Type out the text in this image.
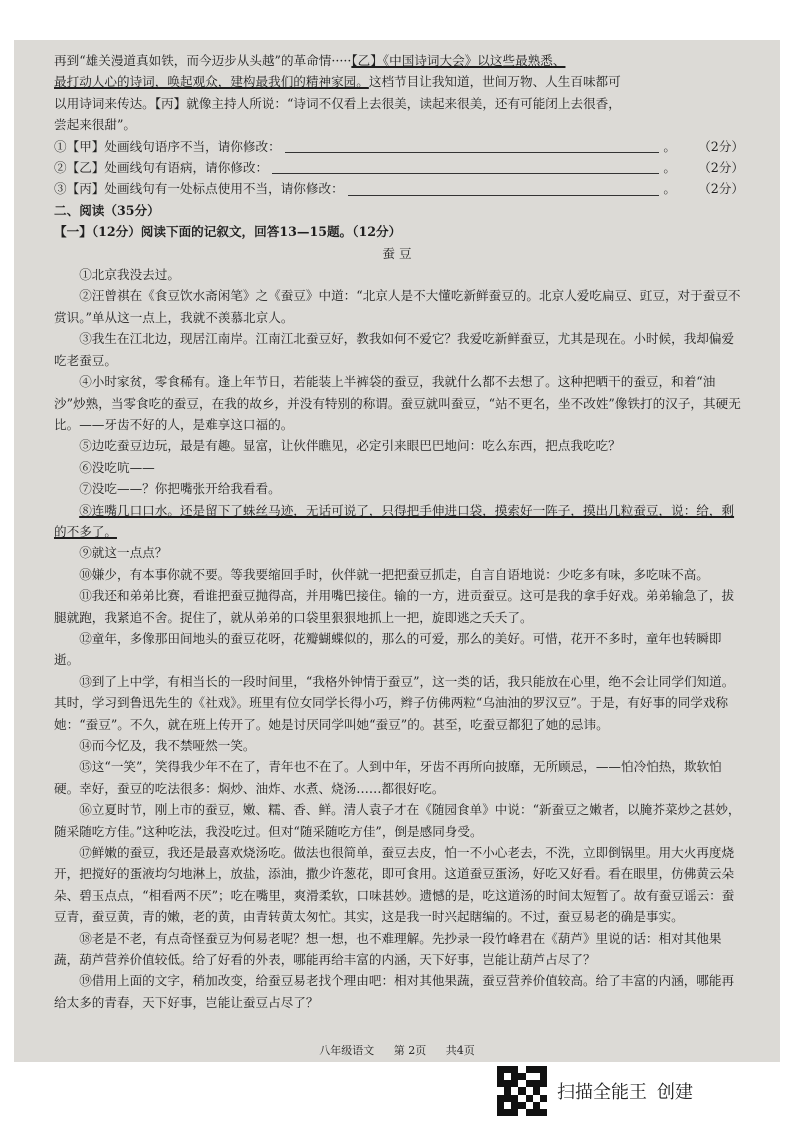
再到“雄关漫道真如铁，而今迈步从头越”的革命情·····【乙】《中国诗词大会》以这些最熟悉、
最打动人心的诗词，唤起观众，建构最我们的精神家园。这档节目让我知道，世间万物、人生百味都可
以用诗词来传达。【丙】就像主持人所说：“诗词不仅看上去很美，读起来很美，还有可能闭上去很香，
尝起来很甜”。
①【甲】处画线句语序不当，请你修改：	。	（2分）
②【乙】处画线句有语病，请你修改：	。	（2分）
③【丙】处画线句有一处标点使用不当，请你修改：	。	（2分）

二、阅读（35分）

【一】（12分）阅读下面的记叙文，回答13—15题。（12分）

蚕豆

①北京我没去过。

②汪曾祺在《食豆饮水斋闲笔》之《蚕豆》中道：“北京人是不大懂吃新鲜蚕豆的。北京人爱吃扁豆、豇豆，对于蚕豆不赏识。”单从这一点上，我就不羡慕北京人。

③我生在江北边，现居江南岸。江南江北蚕豆好，教我如何不爱它？我爱吃新鲜蚕豆，尤其是现在。小时候，我却偏爱吃老蚕豆。

④小时家贫，零食稀有。逢上年节日，若能装上半裤袋的蚕豆，我就什么都不去想了。这种把晒干的蚕豆，和着“油沙”炒熟，当零食吃的蚕豆，在我的故乡，并没有特别的称谓。蚕豆就叫蚕豆，“站不更名，坐不改姓”像铁打的汉子，其硬无比。——牙齿不好的人，是难享这口福的。

⑤边吃蚕豆边玩，最是有趣。显富，让伙伴瞧见，必定引来眼巴巴地问：吃么东西，把点我吃吃？

⑥没吃吭——

⑦没吃——？你把嘴张开给我看看。

⑧连嘴几口口水。还是留下了蛛丝马迹，无话可说了，只得把手伸进口袋，摸索好一阵子，摸出几粒蚕豆，说：给，剩的不多了。

⑨就这一点点？

⑩嫌少，有本事你就不要。等我要缩回手时，伙伴就一把把蚕豆抓走，自言自语地说：少吃多有味，多吃味不高。

⑪我还和弟弟比赛，看谁把蚕豆抛得高，并用嘴巴接住。输的一方，进贡蚕豆。这可是我的拿手好戏。弟弟输急了，拔腿就跑，我紧追不舍。捉住了，就从弟弟的口袋里狠狠地抓上一把，旋即逃之夭夭了。

⑫童年，多像那田间地头的蚕豆花呀，花瓣蝴蝶似的，那么的可爱，那么的美好。可惜，花开不多时，童年也转瞬即逝。

⑬到了上中学，有相当长的一段时间里，“我格外钟情于蚕豆”，这一类的话，我只能放在心里，绝不会让同学们知道。其时，学习到鲁迅先生的《社戏》。班里有位女同学长得小巧，辫子仿佛两粒“乌油油的罗汉豆”。于是，有好事的同学戏称她：“蚕豆”。不久，就在班上传开了。她是讨厌同学叫她“蚕豆”的。甚至，吃蚕豆都犯了她的忌讳。

⑭而今忆及，我不禁哑然一笑。

⑮这“一笑”，笑得我少年不在了，青年也不在了。人到中年，牙齿不再所向披靡，无所顾忌，——怕冷怕热，欺软怕硬。幸好，蚕豆的吃法很多：焖炒、油炸、水煮、烧汤……都很好吃。

⑯立夏时节，刚上市的蚕豆，嫩、糯、香、鲜。清人袁子才在《随园食单》中说：“新蚕豆之嫩者，以腌芥菜炒之甚妙，随采随吃方佳。”这种吃法，我没吃过。但对“随采随吃方佳”，倒是感同身受。

⑰鲜嫩的蚕豆，我还是最喜欢烧汤吃。做法也很简单，蚕豆去皮，怕一不小心老去，不洗，立即倒锅里。用大火再度烧开，把搅好的蛋液均匀地淋上，放盐，添油，撒少许葱花，即可食用。这道蚕豆蛋汤，好吃又好看。看在眼里，仿佛黄云朵朵、碧玉点点，“相看两不厌”；吃在嘴里，爽滑柔软，口味甚妙。遗憾的是，吃这道汤的时间太短暂了。故有蚕豆谣云：蚕豆青，蚕豆黄，青的嫩，老的黄，由青转黄太匆忙。其实，这是我一时兴起瞎编的。不过，蚕豆易老的确是事实。

⑱老是不老，有点奇怪蚕豆为何易老呢？想一想，也不难理解。先抄录一段竹峰君在《葫芦》里说的话：相对其他果蔬，葫芦营养价值较低。给了好看的外表，哪能再给丰富的内涵，天下好事，岂能让葫芦占尽了？

⑲借用上面的文字，稍加改变，给蚕豆易老找个理由吧：相对其他果蔬，蚕豆营养价值较高。给了丰富的内涵，哪能再给太多的青春，天下好事，岂能让蚕豆占尽了？

八年级语文 第 2页 共4页
扫描全能王 创建
